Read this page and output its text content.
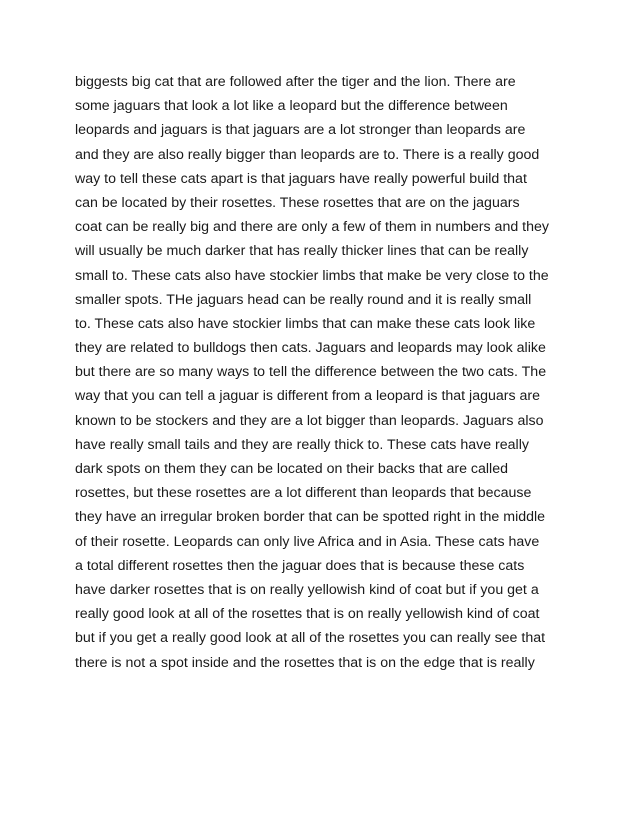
biggests big cat that are followed after the tiger and the lion. There are
some jaguars that look a lot like a leopard but the difference between
leopards and jaguars is that jaguars are a lot stronger than leopards are
and they are also really bigger than leopards are to. There is a really good
way to tell these cats apart is that jaguars have really powerful build that
can be located by their rosettes. These rosettes that are on the jaguars
coat can be really big and there are only a few of them in numbers and they
will usually be much darker that has really thicker lines that can be really
small to. These cats also have stockier limbs that make be very close to the
smaller spots. THe jaguars head can be really round and it is really small
to. These cats also have stockier limbs that can make these cats look like
they are related to bulldogs then cats. Jaguars and leopards may look alike
but there are so many ways to tell the difference between the two cats. The
way that you can tell a jaguar is different from a leopard is that jaguars are
known to be stockers and they are a lot bigger than leopards. Jaguars also
have really small tails and they are really thick to. These cats have really
dark spots on them they can be located on their backs that are called
rosettes, but these rosettes are a lot different than leopards that because
they have an irregular broken border that can be spotted right in the middle
of their rosette. Leopards can only live Africa and in Asia. These cats have
a total different rosettes then the jaguar does that is because these cats
have darker rosettes that is on really yellowish kind of coat but if you get a
really good look at all of the rosettes that is on really yellowish kind of coat
but if you get a really good look at all of the rosettes you can really see that
there is not a spot inside and the rosettes that is on the edge that is really
